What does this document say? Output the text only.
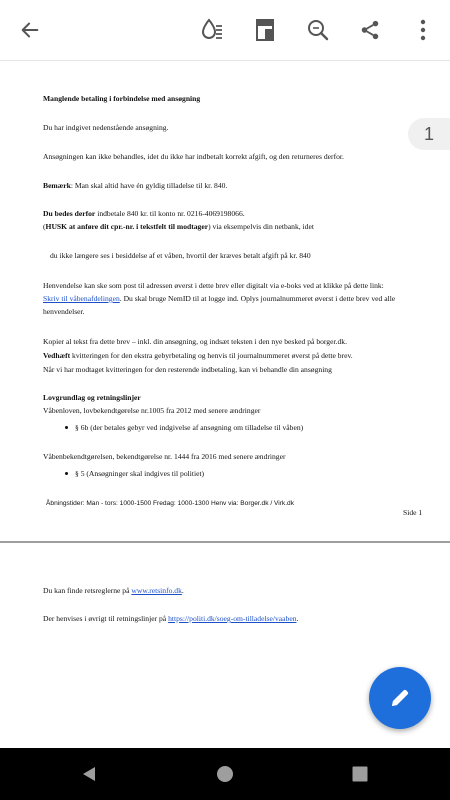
Manglende betaling i forbindelse med ansøgning
Du har indgivet nedenstående ansøgning.
Ansøgningen kan ikke behandles, idet du ikke har indbetalt korrekt afgift, og den returneres derfor.
Bemærk: Man skal altid have én gyldig tilladelse til kr. 840.
Du bedes derfor indbetale 840 kr. til konto nr. 0216-4069198066.
(HUSK at anføre dit cpr.-nr. i tekstfelt til modtager) via eksempelvis din netbank, idet
du ikke længere ses i besiddelse af et våben, hvortil der kræves betalt afgift på kr. 840
Henvendelse kan ske som post til adressen øverst i dette brev eller digitalt via e-boks ved at klikke på dette link:
Skriv til våbenafdelingen. Du skal bruge NemID til at logge ind. Oplys journalnummeret øverst i dette brev ved alle
henvendelser.
Kopier al tekst fra dette brev – inkl. din ansøgning, og indsæt teksten i den nye besked på borger.dk.
Vedhæft kvitteringen for den ekstra gebyrbetaling og henvis til journalnummeret øverst på dette brev.
Når vi har modtaget kvitteringen for den resterende indbetaling, kan vi behandle din ansøgning
Lovgrundlag og retningslinjer
Våbenloven, lovbekendtgørelse nr.1005 fra 2012 med senere ændringer
§ 6b (der betales gebyr ved indgivelse af ansøgning om tilladelse til våben)
Våbenbekendtgørelsen, bekendtgørelse nr. 1444 fra 2016 med senere ændringer
§ 5 (Ansøgninger skal indgives til politiet)
Åbningstider: Man - tors: 1000-1500 Fredag: 1000-1300 Henv via: Borger.dk / Virk.dk
Side 1
Du kan finde retsreglerne på www.retsinfo.dk.
Der henvises i øvrigt til retningslinjer på https://politi.dk/soeg-om-tilladelse/vaaben.
1
